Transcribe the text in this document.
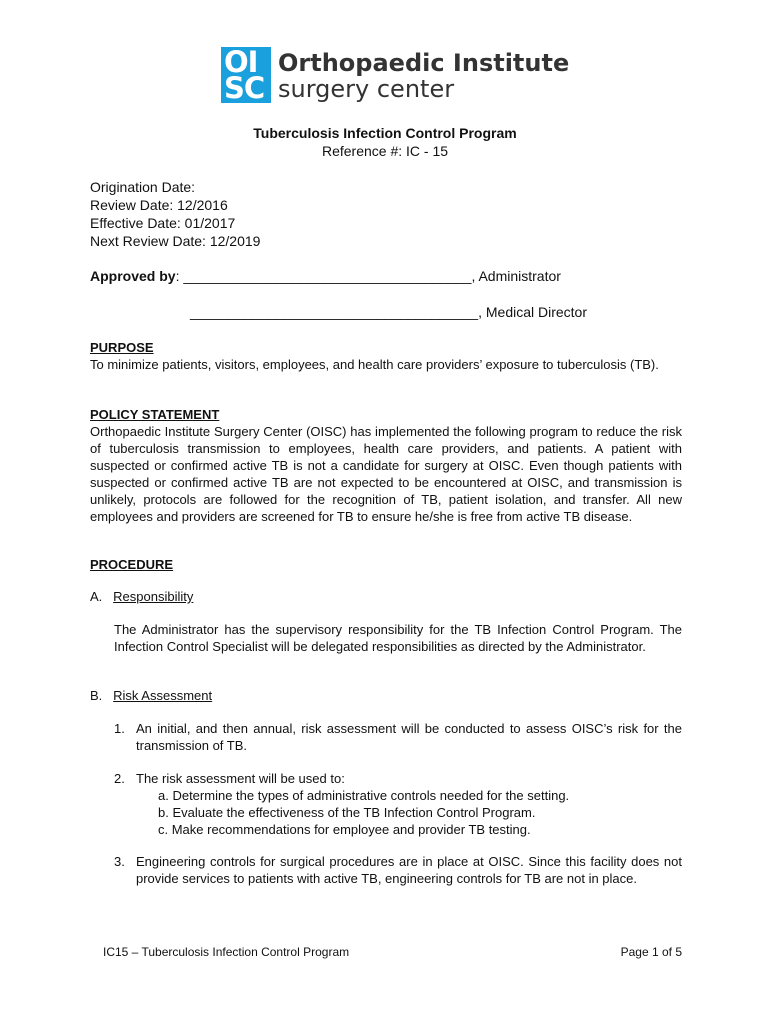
OI
SC
Orthopaedic Institute
surgery center
Tuberculosis Infection Control Program
Reference #: IC - 15
Origination Date:
Review Date: 12/2016
Effective Date: 01/2017
Next Review Date: 12/2019
Approved by: _____________________________________, Administrator
_____________________________________, Medical Director
PURPOSE
To minimize patients, visitors, employees, and health care providers’ exposure to tuberculosis (TB).
POLICY STATEMENT
Orthopaedic Institute Surgery Center (OISC) has implemented the following program to reduce the risk of tuberculosis transmission to employees, health care providers, and patients. A patient with suspected or confirmed active TB is not a candidate for surgery at OISC. Even though patients with suspected or confirmed active TB are not expected to be encountered at OISC, and transmission is unlikely, protocols are followed for the recognition of TB, patient isolation, and transfer. All new employees and providers are screened for TB to ensure he/she is free from active TB disease.
PROCEDURE
A. Responsibility
The Administrator has the supervisory responsibility for the TB Infection Control Program. The Infection Control Specialist will be delegated responsibilities as directed by the Administrator.
B. Risk Assessment
1. An initial, and then annual, risk assessment will be conducted to assess OISC’s risk for the transmission of TB.
2. The risk assessment will be used to:
a. Determine the types of administrative controls needed for the setting.
b. Evaluate the effectiveness of the TB Infection Control Program.
c. Make recommendations for employee and provider TB testing.
3. Engineering controls for surgical procedures are in place at OISC. Since this facility does not provide services to patients with active TB, engineering controls for TB are not in place.
IC15 – Tuberculosis Infection Control Program	Page 1 of 5
